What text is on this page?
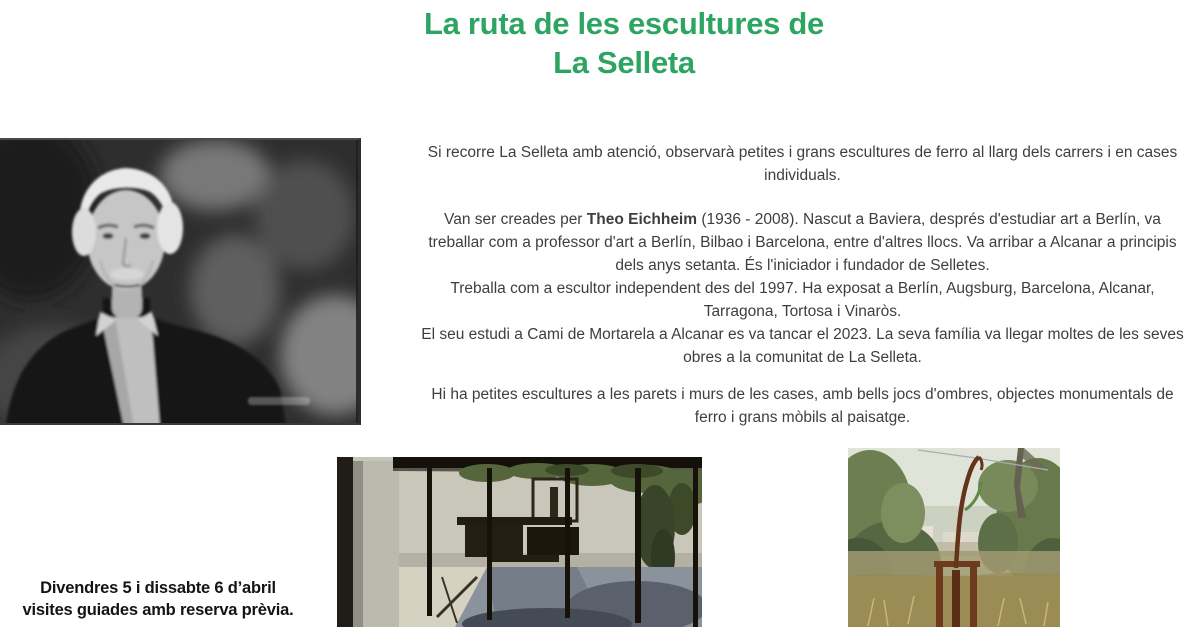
La ruta de les escultures de
La Selleta

Si recorre La Selleta amb atenció, observarà petites i grans escultures de ferro al llarg dels carrers i en cases individuals.

Van ser creades per Theo Eichheim (1936 - 2008). Nascut a Baviera, després d'estudiar art a Berlín, va treballar com a professor d'art a Berlín, Bilbao i Barcelona, entre d'altres llocs. Va arribar a Alcanar a principis dels anys setanta. És l'iniciador i fundador de Selletes.
Treballa com a escultor independent des del 1997. Ha exposat a Berlín, Augsburg, Barcelona, Alcanar, Tarragona, Tortosa i Vinaròs.
El seu estudi a Cami de Mortarela a Alcanar es va tancar el 2023. La seva família va llegar moltes de les seves obres a la comunitat de La Selleta.

Hi ha petites escultures a les parets i murs de les cases, amb bells jocs d'ombres, objectes monumentals de ferro i grans mòbils al paisatge.

Divendres 5 i dissabte 6 d’abril
visites guiades amb reserva prèvia.
